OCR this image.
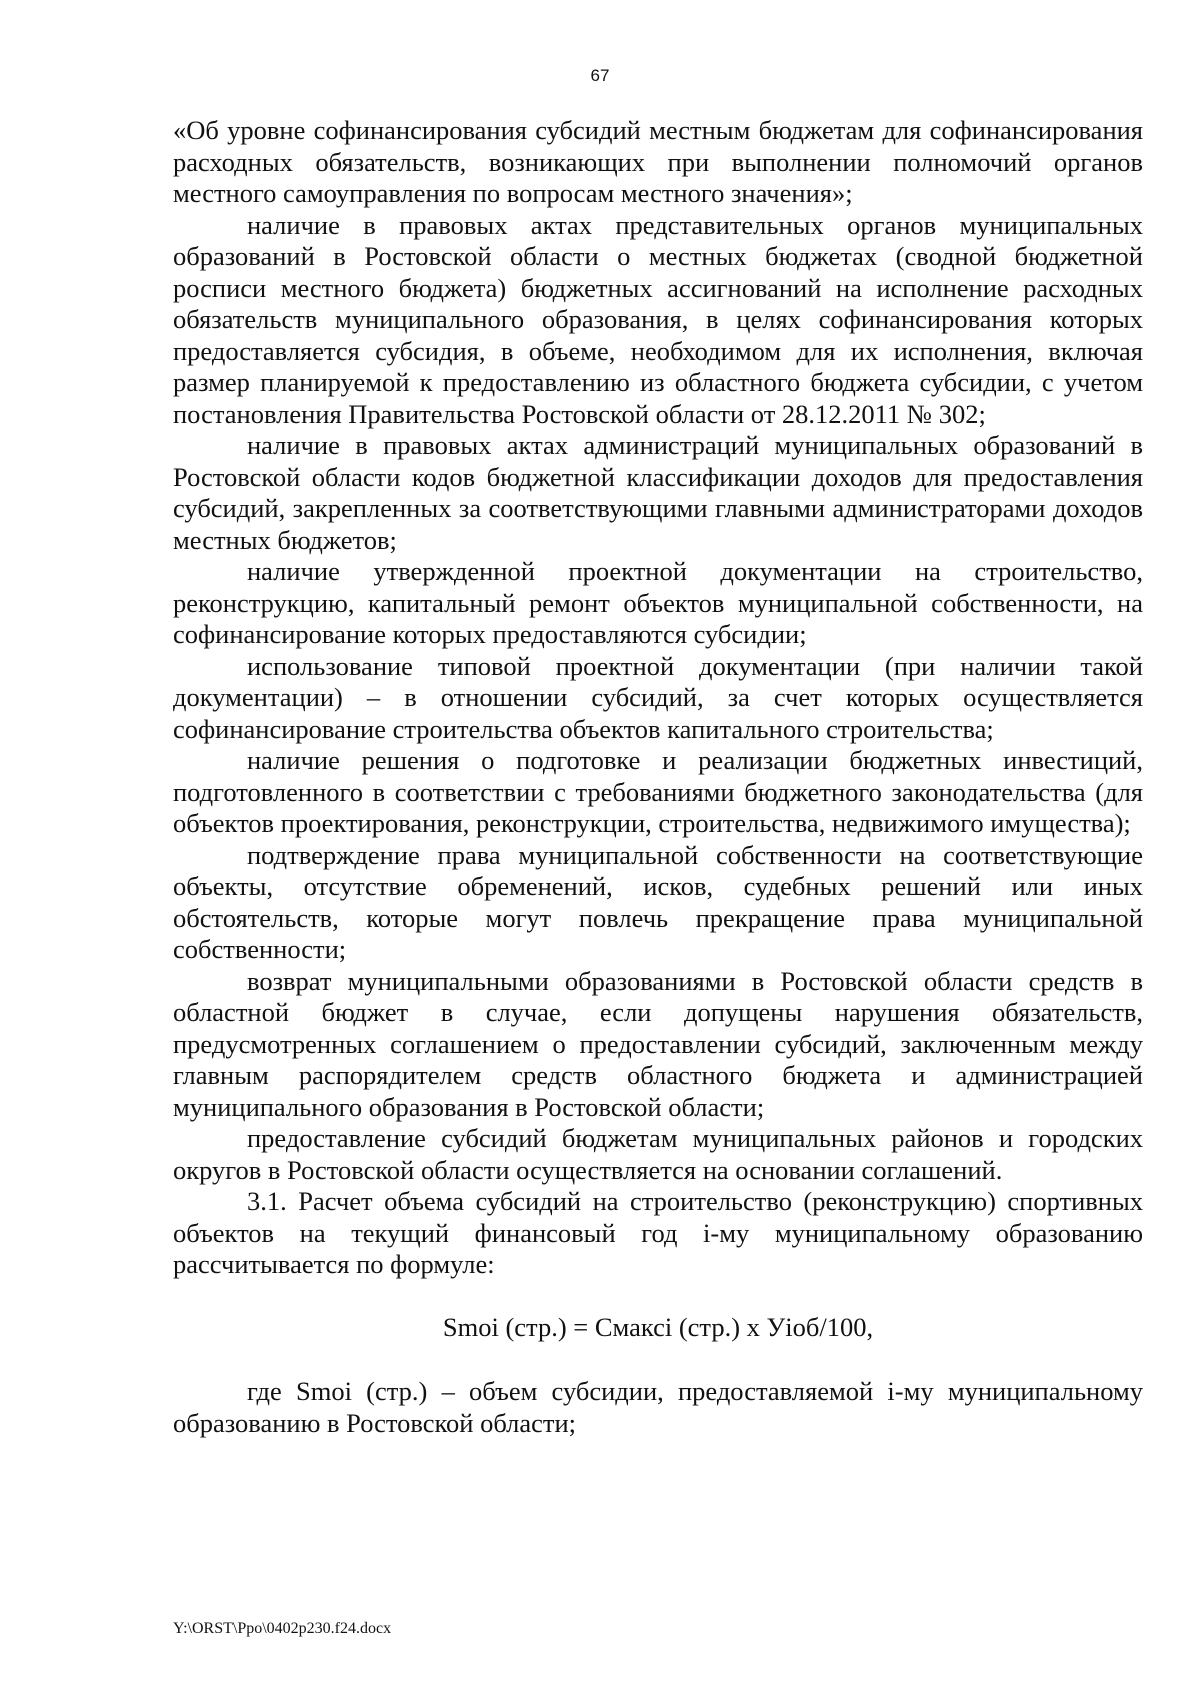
67

«Об уровне софинансирования субсидий местным бюджетам для софинансирования расходных обязательств, возникающих при выполнении полномочий органов местного самоуправления по вопросам местного значения»;

наличие в правовых актах представительных органов муниципальных образований в Ростовской области о местных бюджетах (сводной бюджетной росписи местного бюджета) бюджетных ассигнований на исполнение расходных обязательств муниципального образования, в целях софинансирования которых предоставляется субсидия, в объеме, необходимом для их исполнения, включая размер планируемой к предоставлению из областного бюджета субсидии, с учетом постановления Правительства Ростовской области от 28.12.2011 № 302;

наличие в правовых актах администраций муниципальных образований в Ростовской области кодов бюджетной классификации доходов для предоставления субсидий, закрепленных за соответствующими главными администраторами доходов местных бюджетов;

наличие утвержденной проектной документации на строительство, реконструкцию, капитальный ремонт объектов муниципальной собственности, на софинансирование которых предоставляются субсидии;

использование типовой проектной документации (при наличии такой документации) – в отношении субсидий, за счет которых осуществляется софинансирование строительства объектов капитального строительства;

наличие решения о подготовке и реализации бюджетных инвестиций, подготовленного в соответствии с требованиями бюджетного законодательства (для объектов проектирования, реконструкции, строительства, недвижимого имущества);

подтверждение права муниципальной собственности на соответствующие объекты, отсутствие обременений, исков, судебных решений или иных обстоятельств, которые могут повлечь прекращение права муниципальной собственности;

возврат муниципальными образованиями в Ростовской области средств в областной бюджет в случае, если допущены нарушения обязательств, предусмотренных соглашением о предоставлении субсидий, заключенным между главным распорядителем средств областного бюджета и администрацией муниципального образования в Ростовской области;

предоставление субсидий бюджетам муниципальных районов и городских округов в Ростовской области осуществляется на основании соглашений.

3.1. Расчет объема субсидий на строительство (реконструкцию) спортивных объектов на текущий финансовый год i-му муниципальному образованию рассчитывается по формуле:

Smoi (стр.) = Смаксi (стр.) х Уioб/100,

где Smoi (стр.) – объем субсидии, предоставляемой i-му муниципальному образованию в Ростовской области;

Y:\ORST\Ppo\0402p230.f24.docx
